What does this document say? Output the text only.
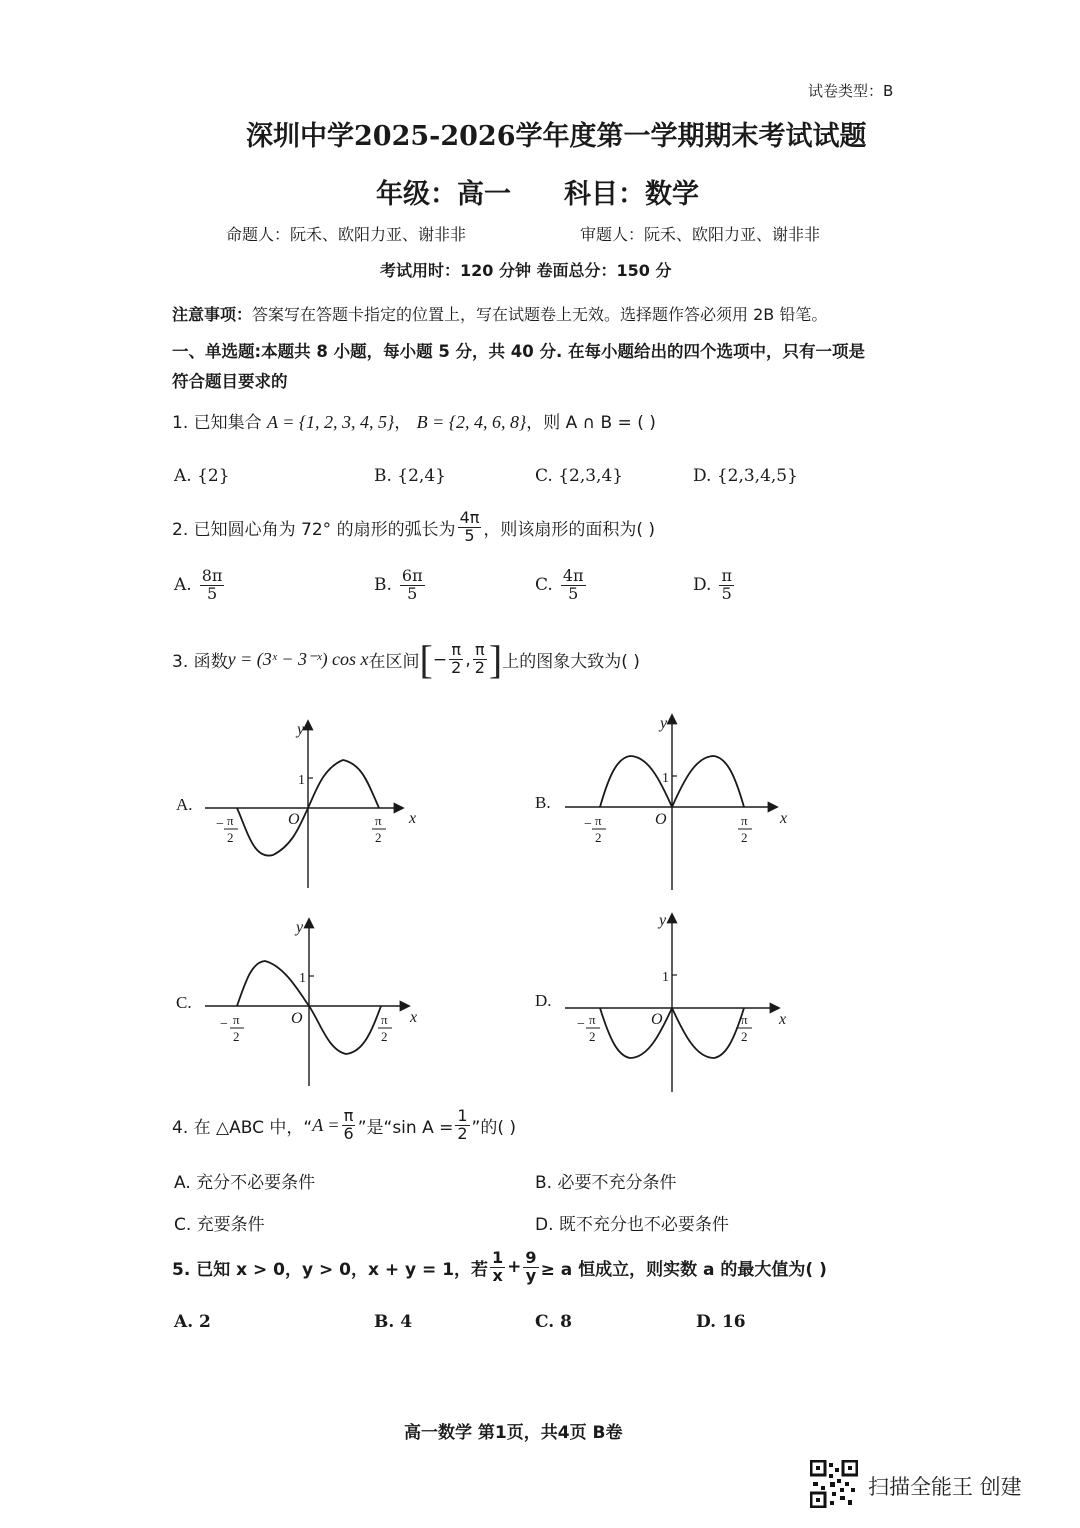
试卷类型：B
深圳中学2025-2026学年度第一学期期末考试试题
年级：高一 科目：数学
命题人：阮禾、欧阳力亚、谢非非	审题人：阮禾、欧阳力亚、谢非非
考试用时：120 分钟 卷面总分：150 分
注意事项：答案写在答题卡指定的位置上，写在试题卷上无效。选择题作答必须用 2B 铅笔。
一、单选题:本题共 8 小题，每小题 5 分，共 40 分. 在每小题给出的四个选项中，只有一项是
符合题目要求的
1. 已知集合 A = {1, 2, 3, 4, 5}， B = {2, 4, 6, 8}，则 A ∩ B = ( )
A. {2}	B. {2,4}	C. {2,3,4}	D. {2,3,4,5}
2. 已知圆心角为 72° 的扇形的弧长为 $\frac{4\pi}{5}$ ，则该扇形的面积为( )
A. $\frac{8\pi}{5}$	B. $\frac{6\pi}{5}$	C. $\frac{4\pi}{5}$	D. $\frac{\pi}{5}$
3. 函数 y = (3ˣ − 3⁻ˣ) cos x 在区间 [ − $\frac{\pi}{2}$ , $\frac{\pi}{2}$ ] 上的图象大致为( )
A.
y
x
O
1
− π
2
π
2
B.
y
x
O
1
− π
2
π
2
C.
y
x
O
1
− π
2
π
2
D.
y
x
O
1
− π
2
π
2
4. 在 △ABC 中，“ $A = \frac{\pi}{6}$ ”是“sin $A = \frac{1}{2}$ ”的( )
A. 充分不必要条件	B. 必要不充分条件
C. 充要条件	D. 既不充分也不必要条件
5. 已知 x > 0，y > 0，x + y = 1，若 $\frac{1}{x} + \frac{9}{y} \ge a$ 恒成立，则实数 a 的最大值为( )
A. 2	B. 4	C. 8	D. 16
高一数学 第1页，共4页 B卷
扫描全能王 创建
